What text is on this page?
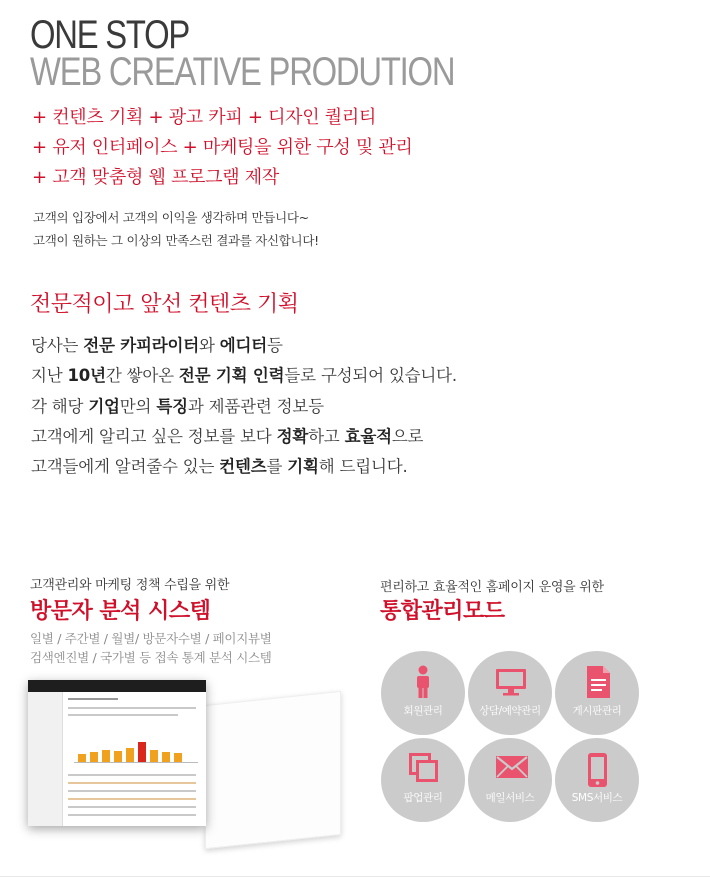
ONE STOP
WEB CREATIVE PRODUTION
+ 컨텐츠 기획 + 광고 카피 + 디자인 퀄리티
+ 유저 인터페이스 + 마케팅을 위한 구성 및 관리
+ 고객 맞춤형 웹 프로그램 제작
고객의 입장에서 고객의 이익을 생각하며 만듭니다~
고객이 원하는 그 이상의 만족스런 결과를 자신합니다!
전문적이고 앞선 컨텐츠 기획
당사는 전문 카피라이터와 에디터등
지난 10년간 쌓아온 전문 기획 인력들로 구성되어 있습니다.
각 해당 기업만의 특징과 제품관련 정보등
고객에게 알리고 싶은 정보를 보다 정확하고 효율적으로
고객들에게 알려줄수 있는 컨텐츠를 기획해 드립니다.
고객관리와 마케팅 정책 수립을 위한
방문자 분석 시스템
일별 / 주간별 / 월별/ 방문자수별 / 페이지뷰별
검색엔진별 / 국가별 등 접속 통계 분석 시스템
편리하고 효율적인 홈페이지 운영을 위한
통합관리모드
회원관리	상담/예약관리	게시판관리
팝업관리	메일서비스	SMS서비스
